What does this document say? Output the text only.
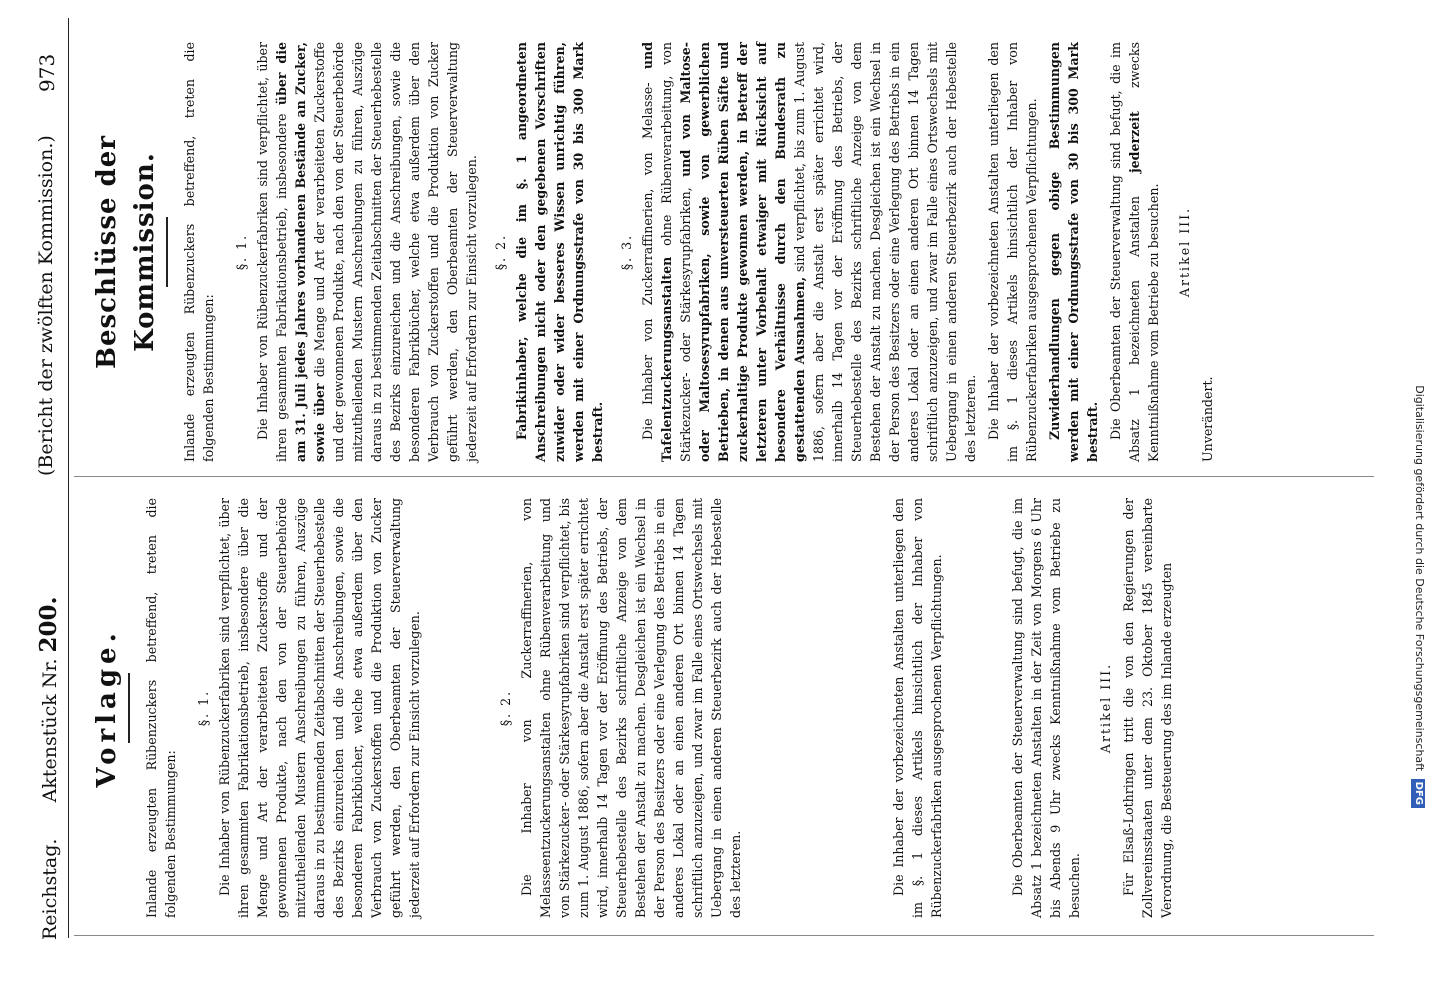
Reichstag.      Aktenstück Nr. 200.
(Bericht der zwölften Kommission.)
973
Vorlage.	Inlande erzeugten Rübenzuckers betreffend, treten die folgenden Bestimmungen:

§. 1. Die Inhaber von Rübenzuckerfabriken sind verpflichtet, über ihren gesammten Fabrikationsbetrieb, insbesondere über die Menge und Art der verarbeiteten Zuckerstoffe und der gewonnenen Produkte, nach den von der Steuerbehörde mitzutheilenden Mustern Anschreibungen zu führen, Auszüge daraus in zu bestimmenden Zeitabschnitten der Steuerhebestelle des Bezirks einzureichen und die Anschreibungen, sowie die besonderen Fabrikbücher, welche etwa außerdem über den Verbrauch von Zuckerstoffen und die Produktion von Zucker geführt werden, den Oberbeamten der Steuerverwaltung jederzeit auf Erfordern zur Einsicht vorzulegen.	§. 2. Die Inhaber von Zuckerraffinerien, von Melasseentzuckerungsanstalten ohne Rübenverarbeitung und von Stärkezucker- oder Stärkesyrupfabriken sind verpflichtet, bis zum 1. August 1886, sofern aber die Anstalt erst später errichtet wird, innerhalb 14 Tagen vor der Eröffnung des Betriebs, der Steuerhebestelle des Bezirks schriftliche Anzeige von dem Bestehen der Anstalt zu machen. Desgleichen ist ein Wechsel in der Person des Besitzers oder eine Verlegung des Betriebs in ein anderes Lokal oder an einen anderen Ort binnen 14 Tagen schriftlich anzuzeigen, und zwar im Falle eines Ortswechsels mit Uebergang in einen anderen Steuerbezirk auch der Hebestelle des letzteren.	Die Inhaber der vorbezeichneten Anstalten unterliegen den im §. 1 dieses Artikels hinsichtlich der Inhaber von Rübenzuckerfabriken ausgesprochenen Verpflichtungen.	Die Oberbeamten der Steuerverwaltung sind befugt, die im Absatz 1 bezeichneten Anstalten in der Zeit von Morgens 6 Uhr bis Abends 9 Uhr zwecks Kenntnißnahme vom Betriebe zu besuchen.

Artikel III. Für Elsaß-Lothringen tritt die von den Regierungen der Zollvereinsstaaten unter dem 23. Oktober 1845 vereinbarte Verordnung, die Besteuerung des im Inlande erzeugten

Beschlüsse der Kommission.	Inlande erzeugten Rübenzuckers betreffend, treten die folgenden Bestimmungen:

§. 1. Die Inhaber von Rübenzuckerfabriken sind verpflichtet, über ihren gesammten Fabrikationsbetrieb, insbesondere über die am 31. Juli jedes Jahres vorhandenen Bestände an Zucker, sowie über die Menge und Art der verarbeiteten Zuckerstoffe und der gewonnenen Produkte, nach den von der Steuerbehörde mitzutheilenden Mustern Anschreibungen zu führen, Auszüge daraus in zu bestimmenden Zeitabschnitten der Steuerhebestelle des Bezirks einzureichen und die Anschreibungen, sowie die besonderen Fabrikbücher, welche etwa außerdem über den Verbrauch von Zuckerstoffen und die Produktion von Zucker geführt werden, den Oberbeamten der Steuerverwaltung jederzeit auf Erfordern zur Einsicht vorzulegen. §. 2. Fabrikinhaber, welche die im §. 1 angeordneten Anschreibungen nicht oder den gegebenen Vorschriften zuwider oder wider besseres Wissen unrichtig führen, werden mit einer Ordnungsstrafe von 30 bis 300 Mark bestraft.

§. 3. Die Inhaber von Zuckerraffinerien, von Melasse- und Tafelentzuckerungsanstalten ohne Rübenverarbeitung, von Stärkezucker- oder Stärkesyrupfabriken, und von Maltose- oder Maltosesyrupfabriken, sowie von gewerblichen Betrieben, in denen aus unversteuerten Rüben Säfte und zuckerhaltige Produkte gewonnen werden, in Betreff der letzteren unter Vorbehalt etwaiger mit Rücksicht auf besondere Verhältnisse durch den Bundesrath zu gestattenden Ausnahmen, sind verpflichtet, bis zum 1. August 1886, sofern aber die Anstalt erst später errichtet wird, innerhalb 14 Tagen vor der Eröffnung des Betriebs, der Steuerhebestelle des Bezirks schriftliche Anzeige von dem Bestehen der Anstalt zu machen. Desgleichen ist ein Wechsel in der Person des Besitzers oder eine Verlegung des Betriebs in ein anderes Lokal oder an einen anderen Ort binnen 14 Tagen schriftlich anzuzeigen, und zwar im Falle eines Ortswechsels mit Uebergang in einen anderen Steuerbezirk auch der Hebestelle des letzteren. Die Inhaber der vorbezeichneten Anstalten unterliegen den im §. 1 dieses Artikels hinsichtlich der Inhaber von Rübenzuckerfabriken ausgesprochenen Verpflichtungen. Zuwiderhandlungen gegen obige Bestimmungen werden mit einer Ordnungsstrafe von 30 bis 300 Mark bestraft. Die Oberbeamten der Steuerverwaltung sind befugt, die im Absatz 1 bezeichneten Anstalten jederzeit zwecks Kenntnißnahme vom Betriebe zu besuchen. Artikel III.

Unverändert.	Digitalisierung gefördert durch die Deutsche Forschungsgemeinschaft DFG
